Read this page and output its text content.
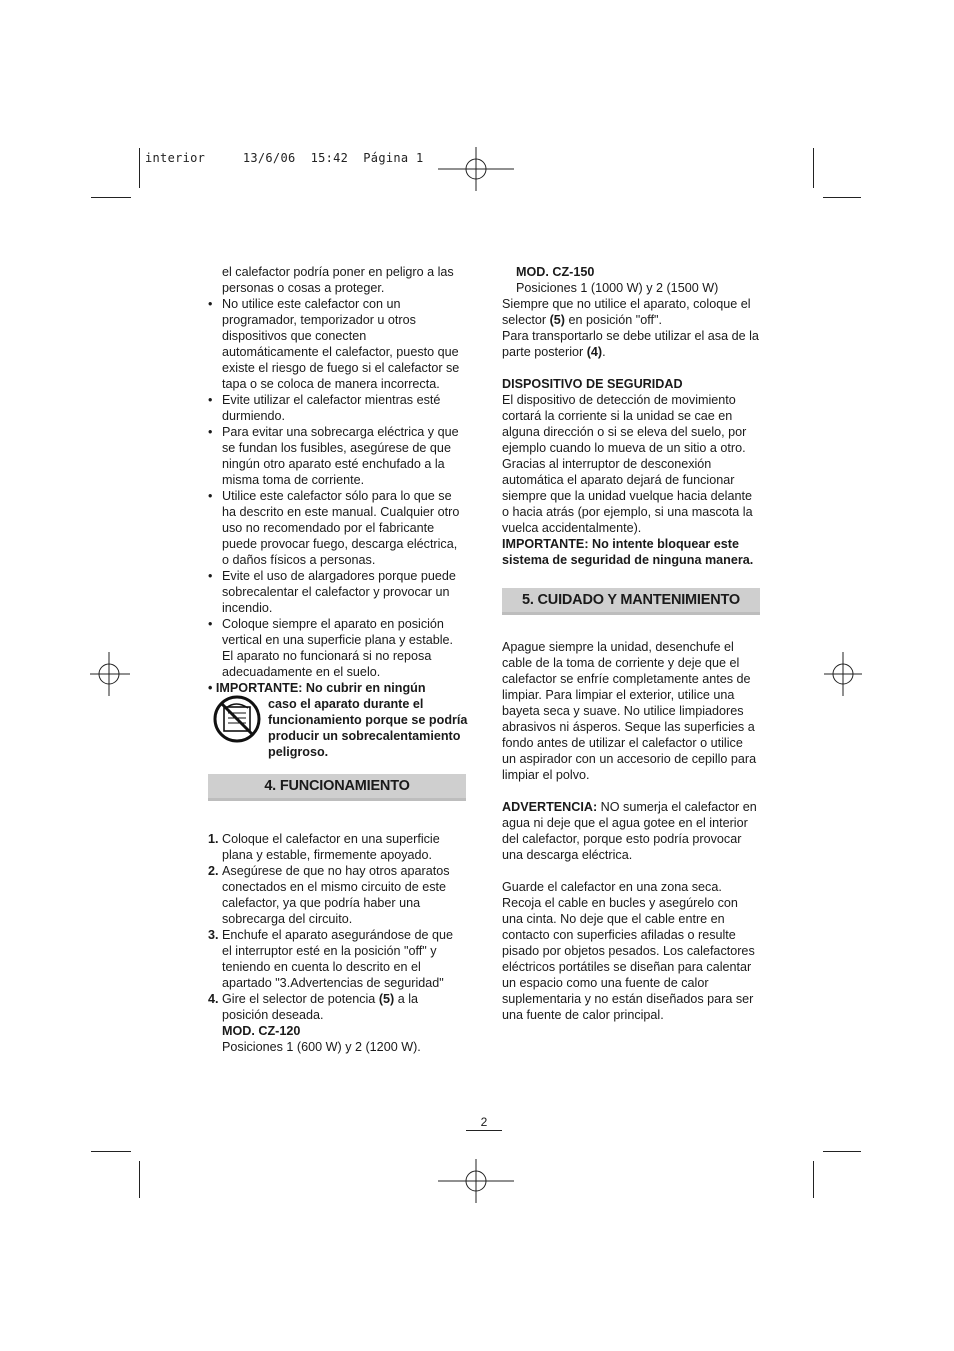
interior	13/6/06 15:42 Página 1

el calefactor podría poner en peligro a las personas o cosas a proteger.

• No utilice este calefactor con un programador, temporizador u otros dispositivos que conecten automáticamente el calefactor, puesto que existe el riesgo de fuego si el calefactor se tapa o se coloca de manera incorrecta.
• Evite utilizar el calefactor mientras esté durmiendo.
• Para evitar una sobrecarga eléctrica y que se fundan los fusibles, asegúrese de que ningún otro aparato esté enchufado a la misma toma de corriente.
• Utilice este calefactor sólo para lo que se ha descrito en este manual. Cualquier otro uso no recomendado por el fabricante puede provocar fuego, descarga eléctrica, o daños físicos a personas.
• Evite el uso de alargadores porque puede sobrecalentar el calefactor y provocar un incendio.
• Coloque siempre el aparato en posición vertical en una superficie plana y estable. El aparato no funcionará si no reposa adecuadamente en el suelo.

• IMPORTANTE: No cubrir en ningún

caso el aparato durante el funcionamiento porque se podría producir un sobrecalentamiento peligroso.

4. FUNCIONAMIENTO
1. Coloque el calefactor en una superficie plana y estable, firmemente apoyado.
2. Asegúrese de que no hay otros aparatos conectados en el mismo circuito de este calefactor, ya que podría haber una sobrecarga del circuito.
3. Enchufe el aparato asegurándose de que el interruptor esté en la posición "off" y teniendo en cuenta lo descrito en el apartado "3.Advertencias de seguridad"
4. Gire el selector de potencia (5) a la posición deseada.
MOD. CZ-120
Posiciones 1 (600 W) y 2 (1200 W).

MOD. CZ-150

Posiciones 1 (1000 W) y 2 (1500 W)

Siempre que no utilice el aparato, coloque el selector (5) en posición "off".

Para transportarlo se debe utilizar el asa de la parte posterior (4).

DISPOSITIVO DE SEGURIDAD

El dispositivo de detección de movimiento cortará la corriente si la unidad se cae en alguna dirección o si se eleva del suelo, por ejemplo cuando lo mueva de un sitio a otro. Gracias al interruptor de desconexión automática el aparato dejará de funcionar siempre que la unidad vuelque hacia delante o hacia atrás (por ejemplo, si una mascota la vuelca accidentalmente).

IMPORTANTE: No intente bloquear este sistema de seguridad de ninguna manera.

5. CUIDADO Y MANTENIMIENTO

Apague siempre la unidad, desenchufe el cable de la toma de corriente y deje que el calefactor se enfríe completamente antes de limpiar. Para limpiar el exterior, utilice una bayeta seca y suave. No utilice limpiadores abrasivos ni ásperos. Seque las superficies a fondo antes de utilizar el calefactor o utilice un aspirador con un accesorio de cepillo para limpiar el polvo.

ADVERTENCIA: NO sumerja el calefactor en agua ni deje que el agua gotee en el interior del calefactor, porque esto podría provocar una descarga eléctrica.

Guarde el calefactor en una zona seca. Recoja el cable en bucles y asegúrelo con una cinta. No deje que el cable entre en contacto con superficies afiladas o resulte pisado por objetos pesados. Los calefactores eléctricos portátiles se diseñan para calentar un espacio como una fuente de calor suplementaria y no están diseñados para ser una fuente de calor principal.

2
